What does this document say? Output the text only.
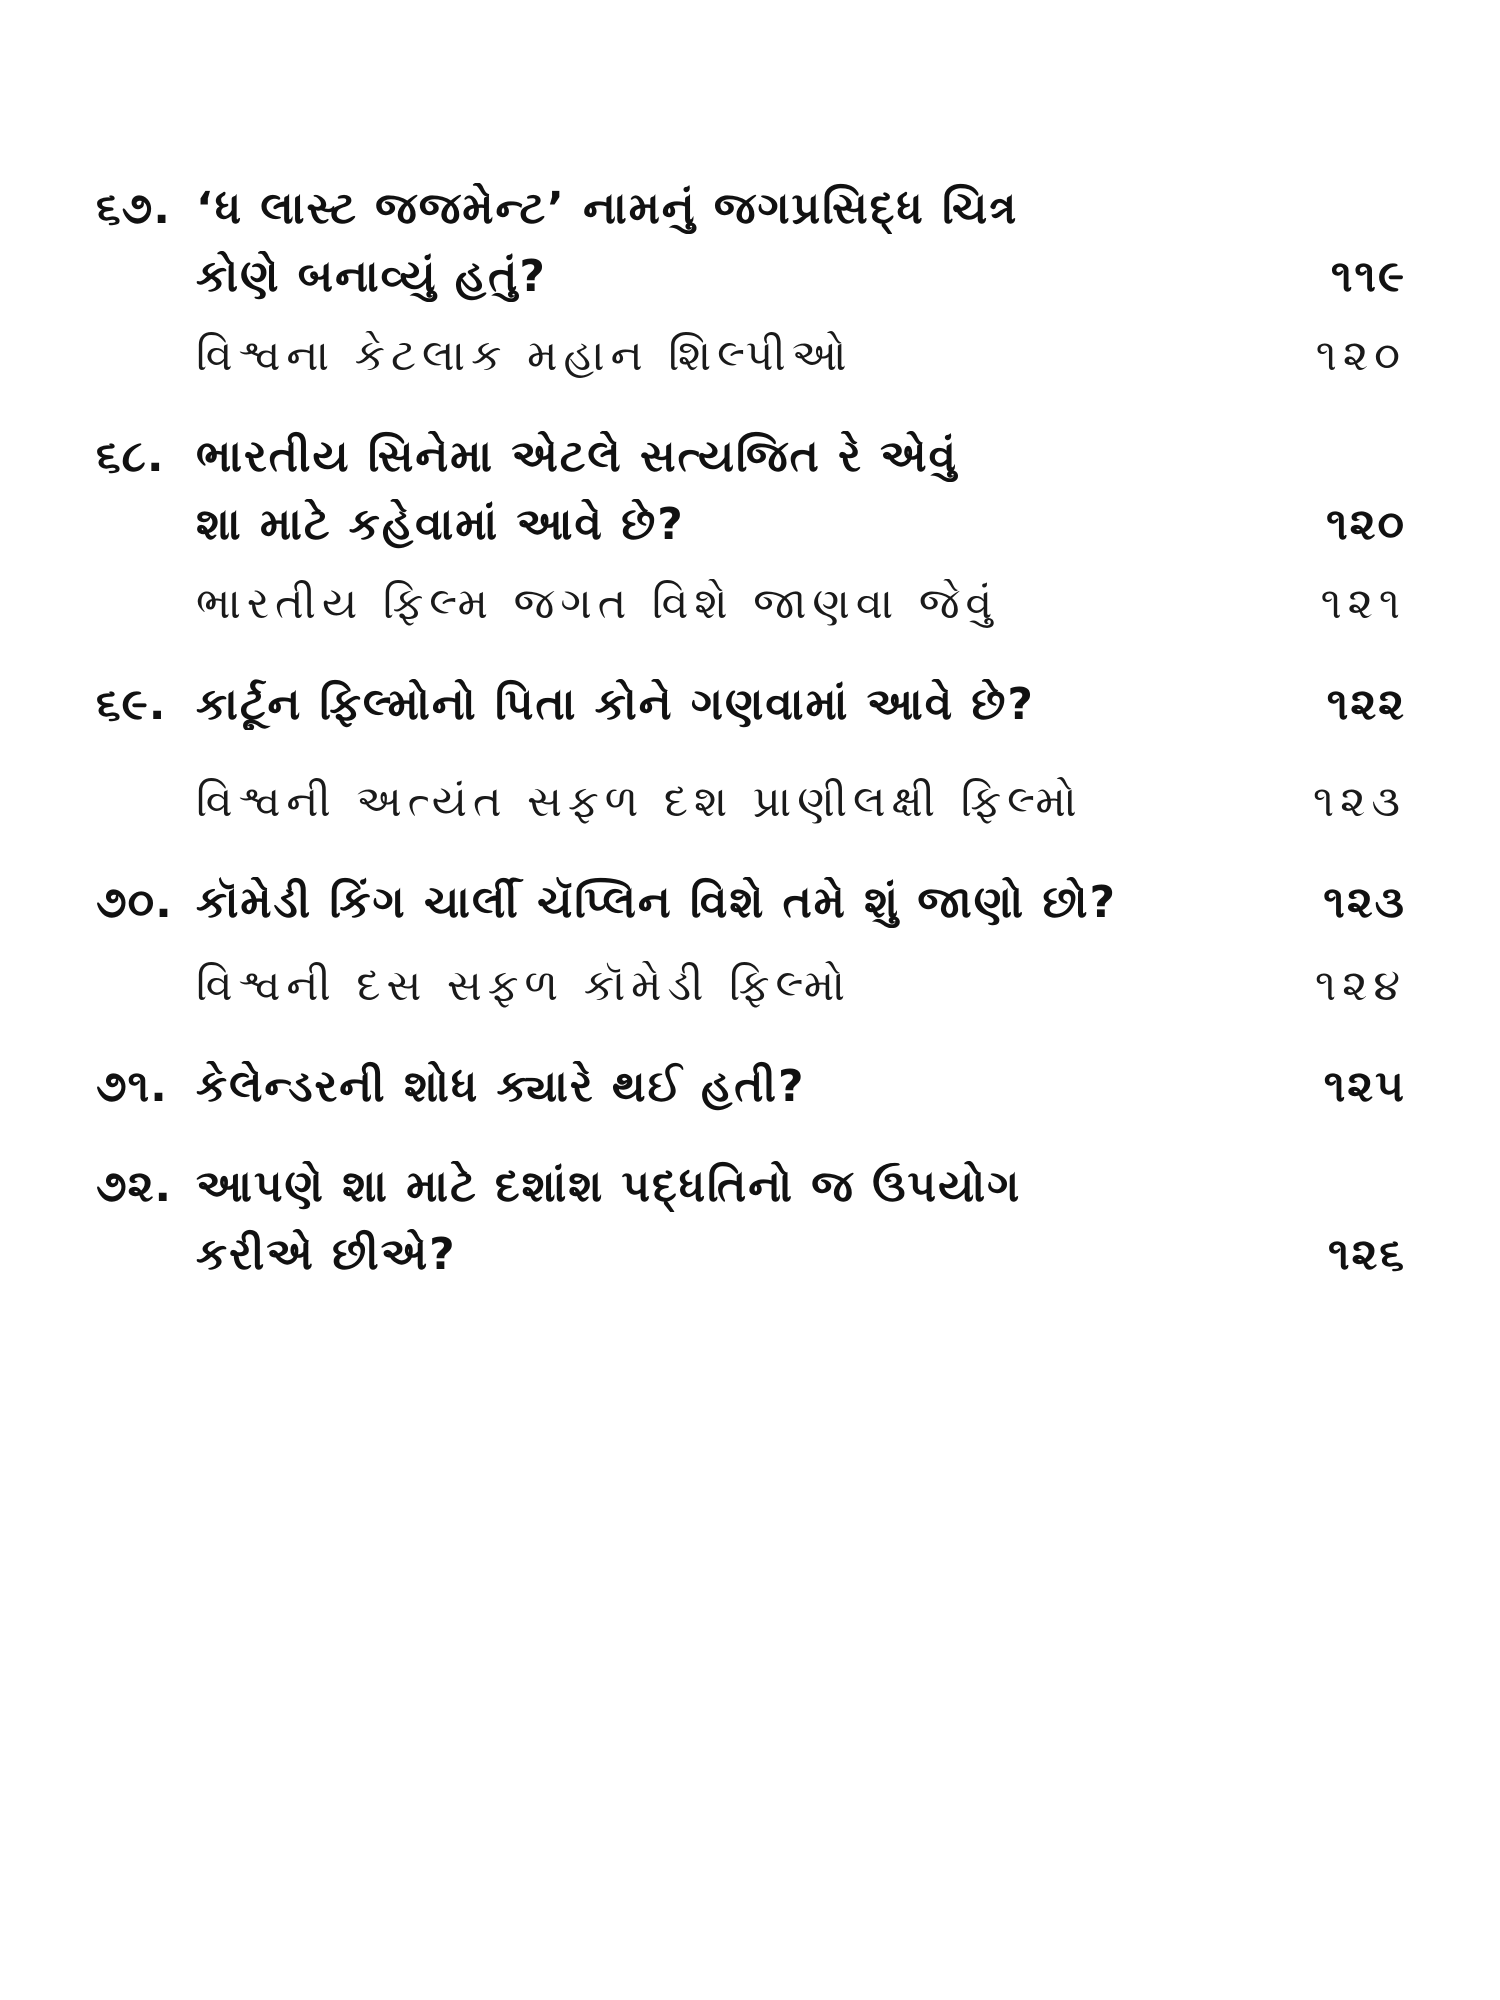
૬૭. ‘ધ લાસ્ટ જજમેન્ટ’ નામનું જગપ્રસિદ્ધ ચિત્ર
કોણે બનાવ્યું હતું?	૧૧૯
વિશ્વના કેટલાક મહાન શિલ્પીઓ	૧૨૦
૬૮. ભારતીય સિનેમા એટલે સત્યજિત રે એવું
શા માટે કહેવામાં આવે છે?	૧૨૦
ભારતીય ફિલ્મ જગત વિશે જાણવા જેવું	૧૨૧
૬૯. કાર્ટૂન ફિલ્મોનો પિતા કોને ગણવામાં આવે છે?	૧૨૨
વિશ્વની અત્યંત સફળ દશ પ્રાણીલક્ષી ફિલ્મો	૧૨૩
૭૦. કૉમેડી કિંગ ચાર્લી ચૅપ્લિન વિશે તમે શું જાણો છો?	૧૨૩
વિશ્વની દસ સફળ કૉમેડી ફિલ્મો	૧૨૪
૭૧. કેલેન્ડરની શોધ ક્યારે થઈ હતી?	૧૨૫
૭૨. આપણે શા માટે દશાંશ પદ્ધતિનો જ ઉપયોગ
કરીએ છીએ?	૧૨૬
